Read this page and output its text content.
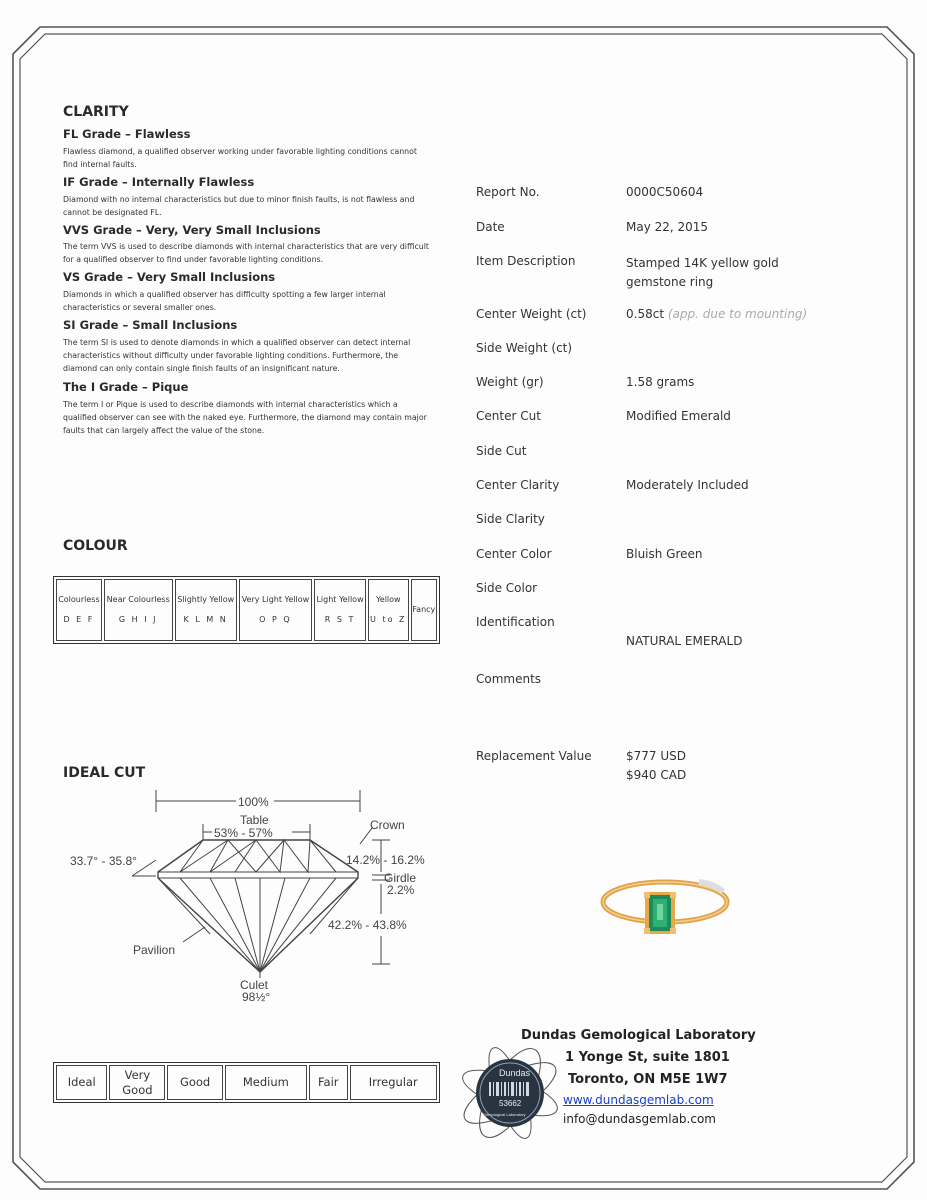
CLARITY
FL Grade – Flawless
Flawless diamond, a qualified observer working under favorable lighting conditions cannot find internal faults.
IF Grade – Internally Flawless
Diamond with no internal characteristics but due to minor finish faults, is not flawless and cannot be designated FL.
VVS Grade – Very, Very Small Inclusions
The term VVS is used to describe diamonds with internal characteristics that are very difficult for a qualified observer to find under favorable lighting conditions.
VS Grade – Very Small Inclusions
Diamonds in which a qualified observer has difficulty spotting a few larger internal characteristics or several smaller ones.
SI Grade – Small Inclusions
The term SI is used to denote diamonds in which a qualified observer can detect internal characteristics without difficulty under favorable lighting conditions. Furthermore, the diamond can only contain single finish faults of an insignificant nature.
The I Grade – Pique
The term I or Pique is used to describe diamonds with internal characteristics which a qualified observer can see with the naked eye. Furthermore, the diamond may contain major faults that can largely affect the value of the stone.
COLOUR
Colourless
D E F
	Near Colourless
G H I J
	Slightly Yellow
K L M N
	Very Light Yellow
O P Q
	Light Yellow
R S T
	Yellow
U to Z
	Fancy
IDEAL CUT
100%
Table
53% - 57%
Crown
33.7° - 35.8°	14.2% - 16.2%
Girdle
2.2%
42.2% - 43.8%
Pavilion
Culet
98½°
Ideal	Very Good	Good	Medium	Fair	Irregular
Report No.	0000C50604
Date	May 22, 2015
Item Description	Stamped 14K yellow gold gemstone ring
Center Weight (ct)	0.58ct (app. due to mounting)
Side Weight (ct)
Weight (gr)	1.58 grams
Center Cut	Modified Emerald
Side Cut
Center Clarity	Moderately Included
Side Clarity
Center Color	Bluish Green
Side Color
Identification
NATURAL EMERALD
Comments
Replacement Value	$777 USD
$940 CAD
Dundas
53662
Gemological Laboratory
Dundas Gemological Laboratory
1 Yonge St, suite 1801
Toronto, ON M5E 1W7
www.dundasgemlab.com
info@dundasgemlab.com
